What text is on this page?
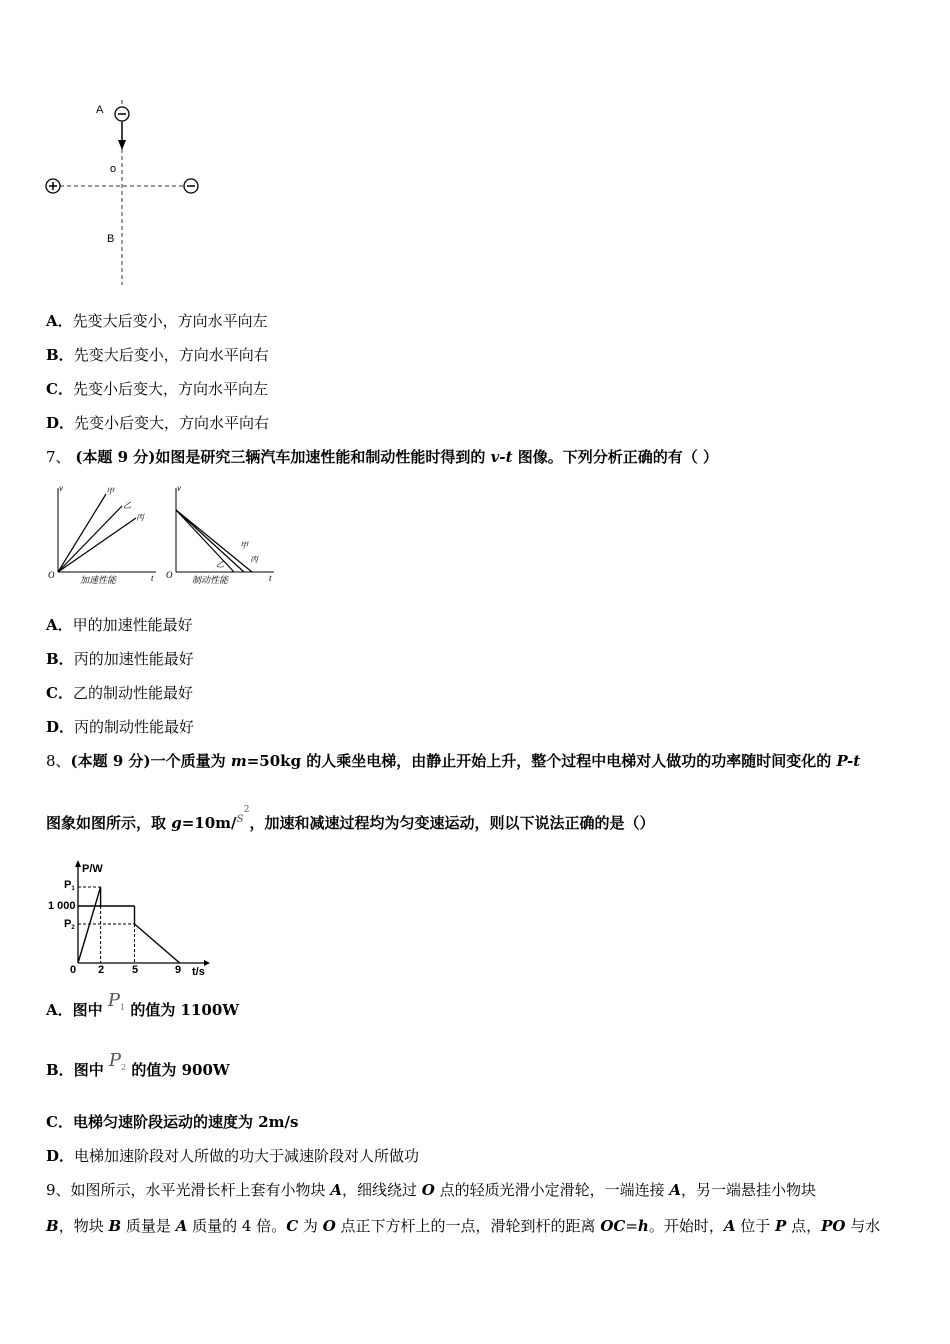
A
o
B
A．先变大后变小，方向水平向左
B．先变大后变小，方向水平向右
C．先变小后变大，方向水平向左
D．先变小后变大，方向水平向右
7、 (本题 9 分)如图是研究三辆汽车加速性能和制动性能时得到的 v-t 图像。下列分析正确的有（ ）
v
t
O
甲
乙
丙
加速性能
v
t
O
甲
乙
丙
制动性能
A．甲的加速性能最好
B．丙的加速性能最好
C．乙的制动性能最好
D．丙的制动性能最好
8、(本题 9 分)一个质量为 m=50kg 的人乘坐电梯，由静止开始上升，整个过程中电梯对人做功的功率随时间变化的 P-t
图象如图所示，取 $g=10m/s^2$，加速和减速过程均为匀变速运动，则以下说法正确的是（）
P/W
t/s
0
P1
1 000
P2
2	5	9
A．图中 $P^1$ 的值为 1100W
B．图中 $P^2$ 的值为 900W
C．电梯匀速阶段运动的速度为 2m/s
D．电梯加速阶段对人所做的功大于减速阶段对人所做功
9、如图所示，水平光滑长杆上套有小物块 A，细线绕过 O 点的轻质光滑小定滑轮，一端连接 A，另一端悬挂小物块
B，物块 B 质量是 A 质量的 4 倍。C 为 O 点正下方杆上的一点，滑轮到杆的距离 OC=h。开始时，A 位于 P 点，PO 与水
